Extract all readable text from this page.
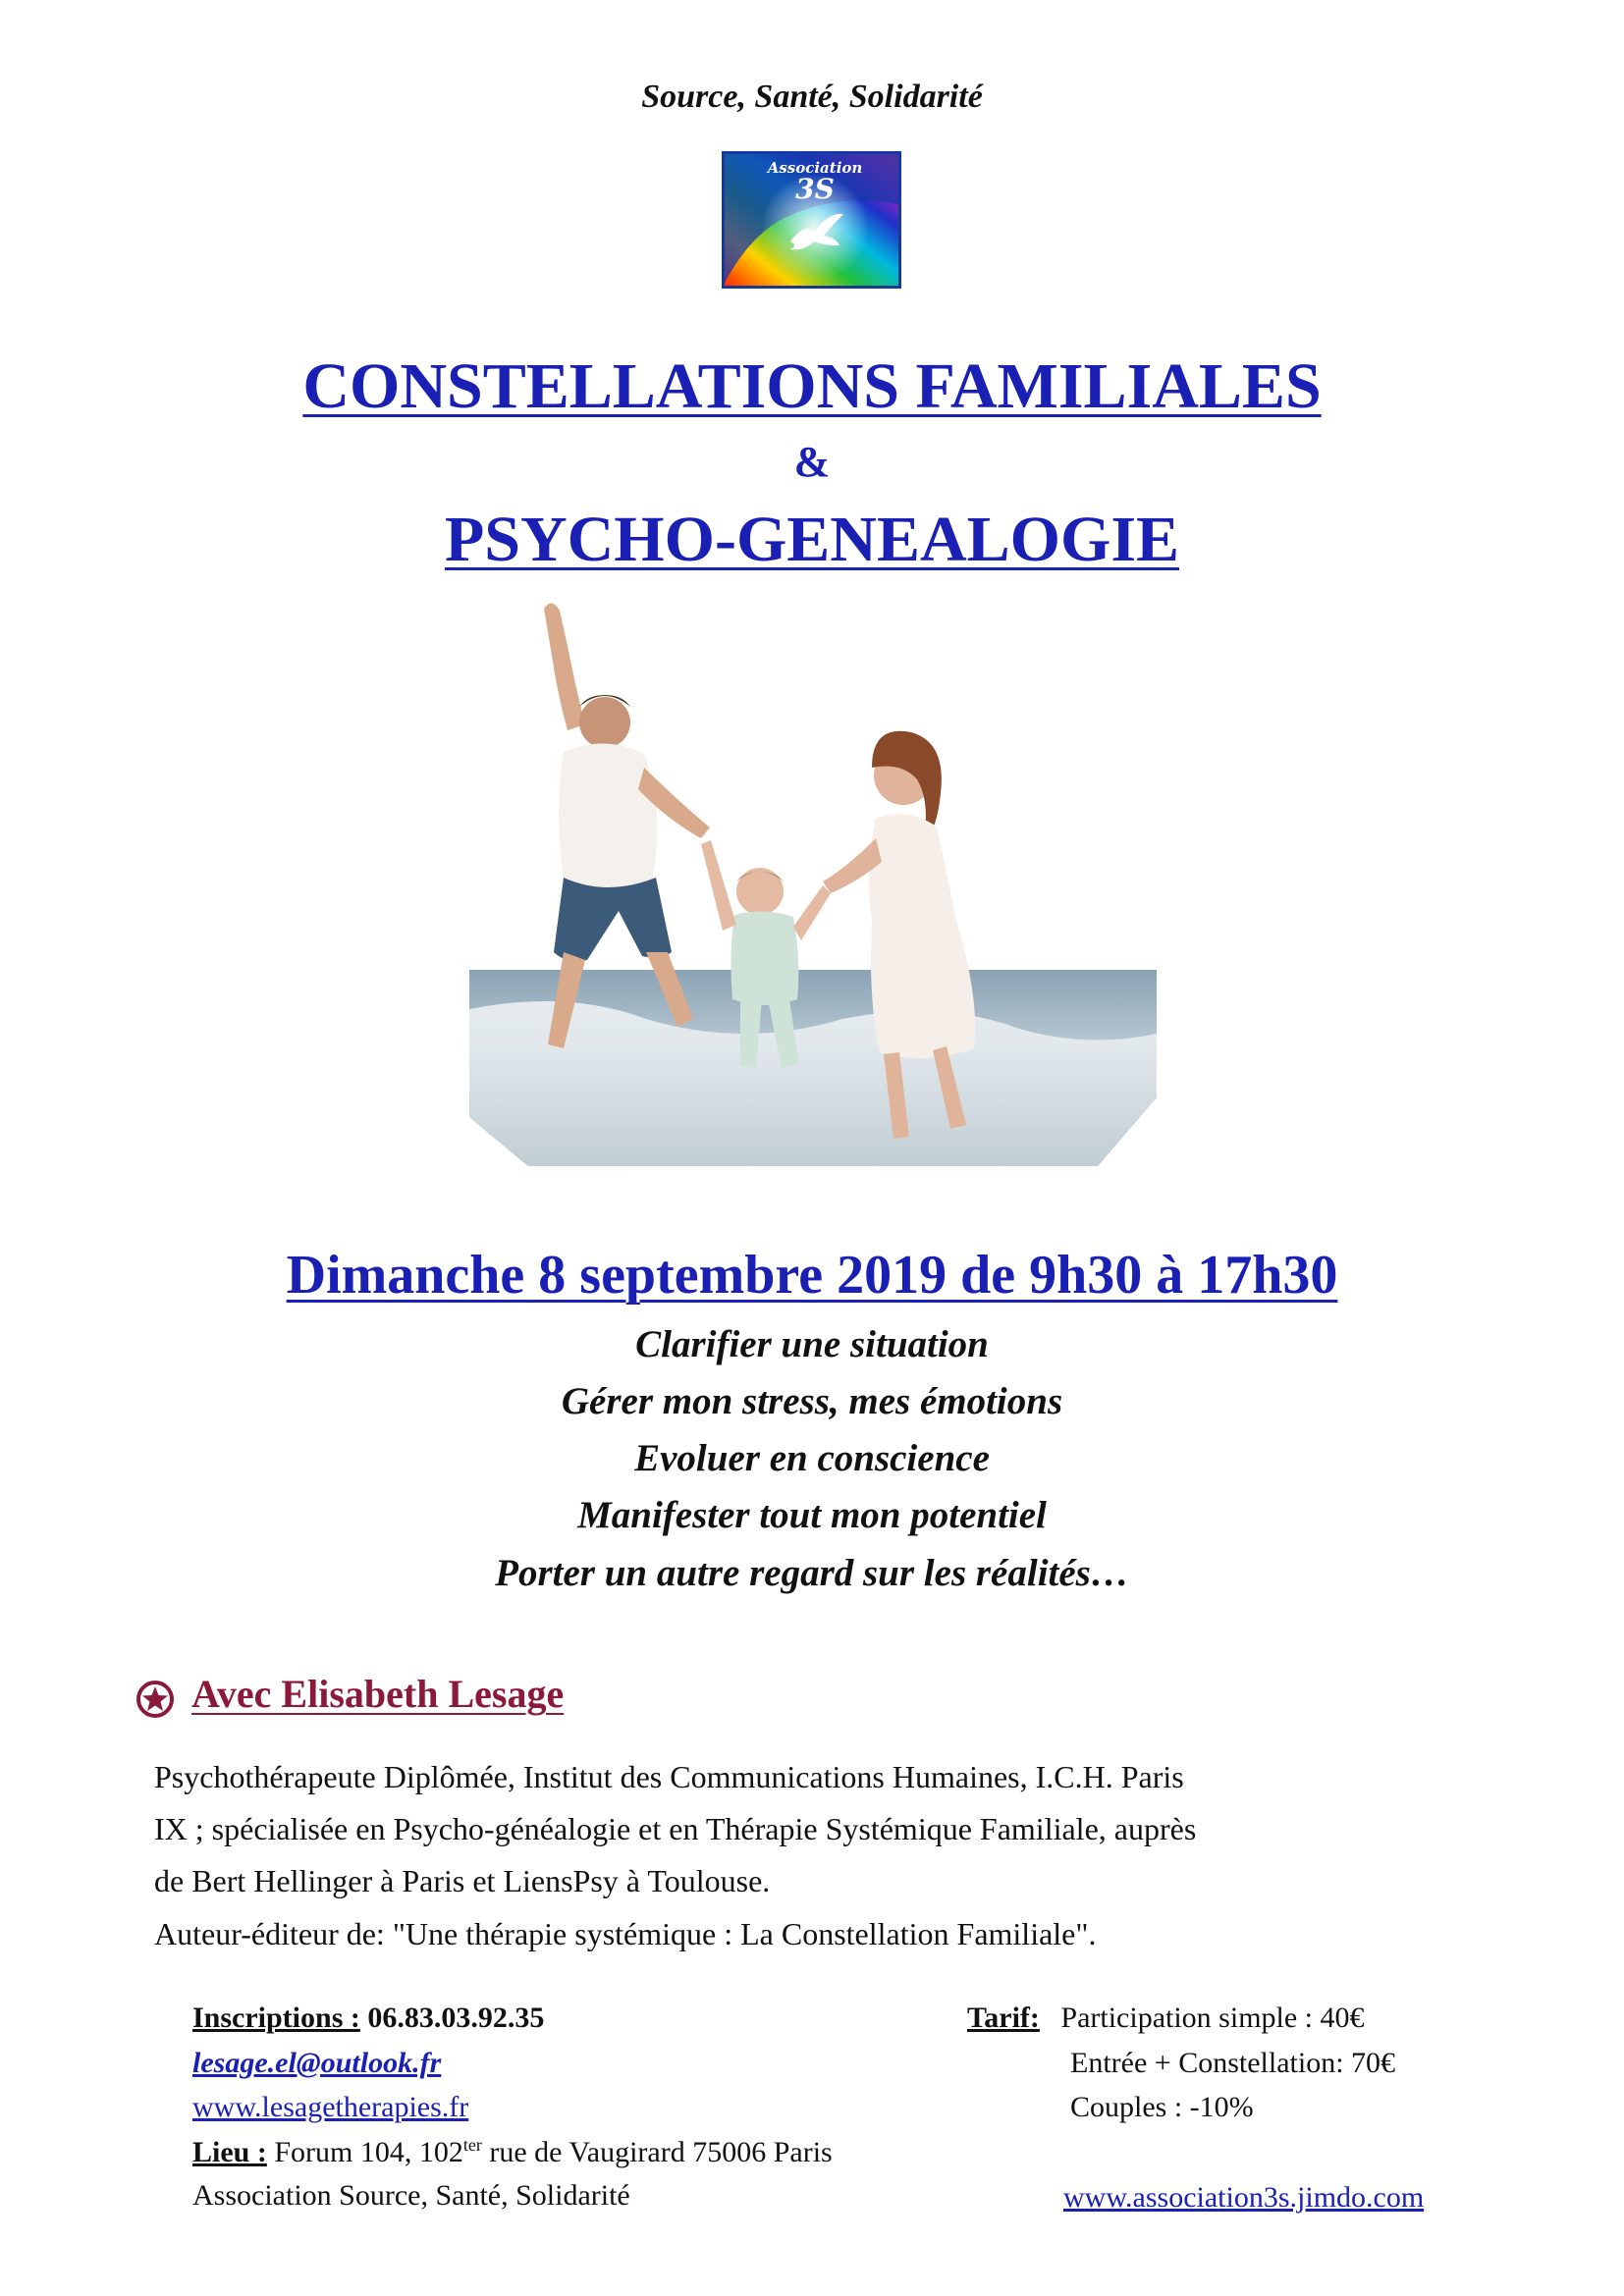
Source, Santé, Solidarité
Association
3S
CONSTELLATIONS FAMILIALES
&
PSYCHO-GENEALOGIE
Dimanche 8 septembre 2019 de 9h30 à 17h30
Clarifier une situation
Gérer mon stress, mes émotions
Evoluer en conscience
Manifester tout mon potentiel
Porter un autre regard sur les réalités…
Avec Elisabeth Lesage
Psychothérapeute Diplômée, Institut des Communications Humaines, I.C.H. Paris
IX ; spécialisée en Psycho-généalogie et en Thérapie Systémique Familiale, auprès
de Bert Hellinger à Paris et LiensPsy à Toulouse.
Auteur-éditeur de: "Une thérapie systémique : La Constellation Familiale".
Inscriptions : 06.83.03.92.35
lesage.el@outlook.fr
www.lesagetherapies.fr
Lieu : Forum 104, $102^{ter}$ rue de Vaugirard 75006 Paris
Association Source, Santé, Solidarité
Tarif: Participation simple : 40€
Entrée + Constellation: 70€
Couples : -10%
www.association3s.jimdo.com
